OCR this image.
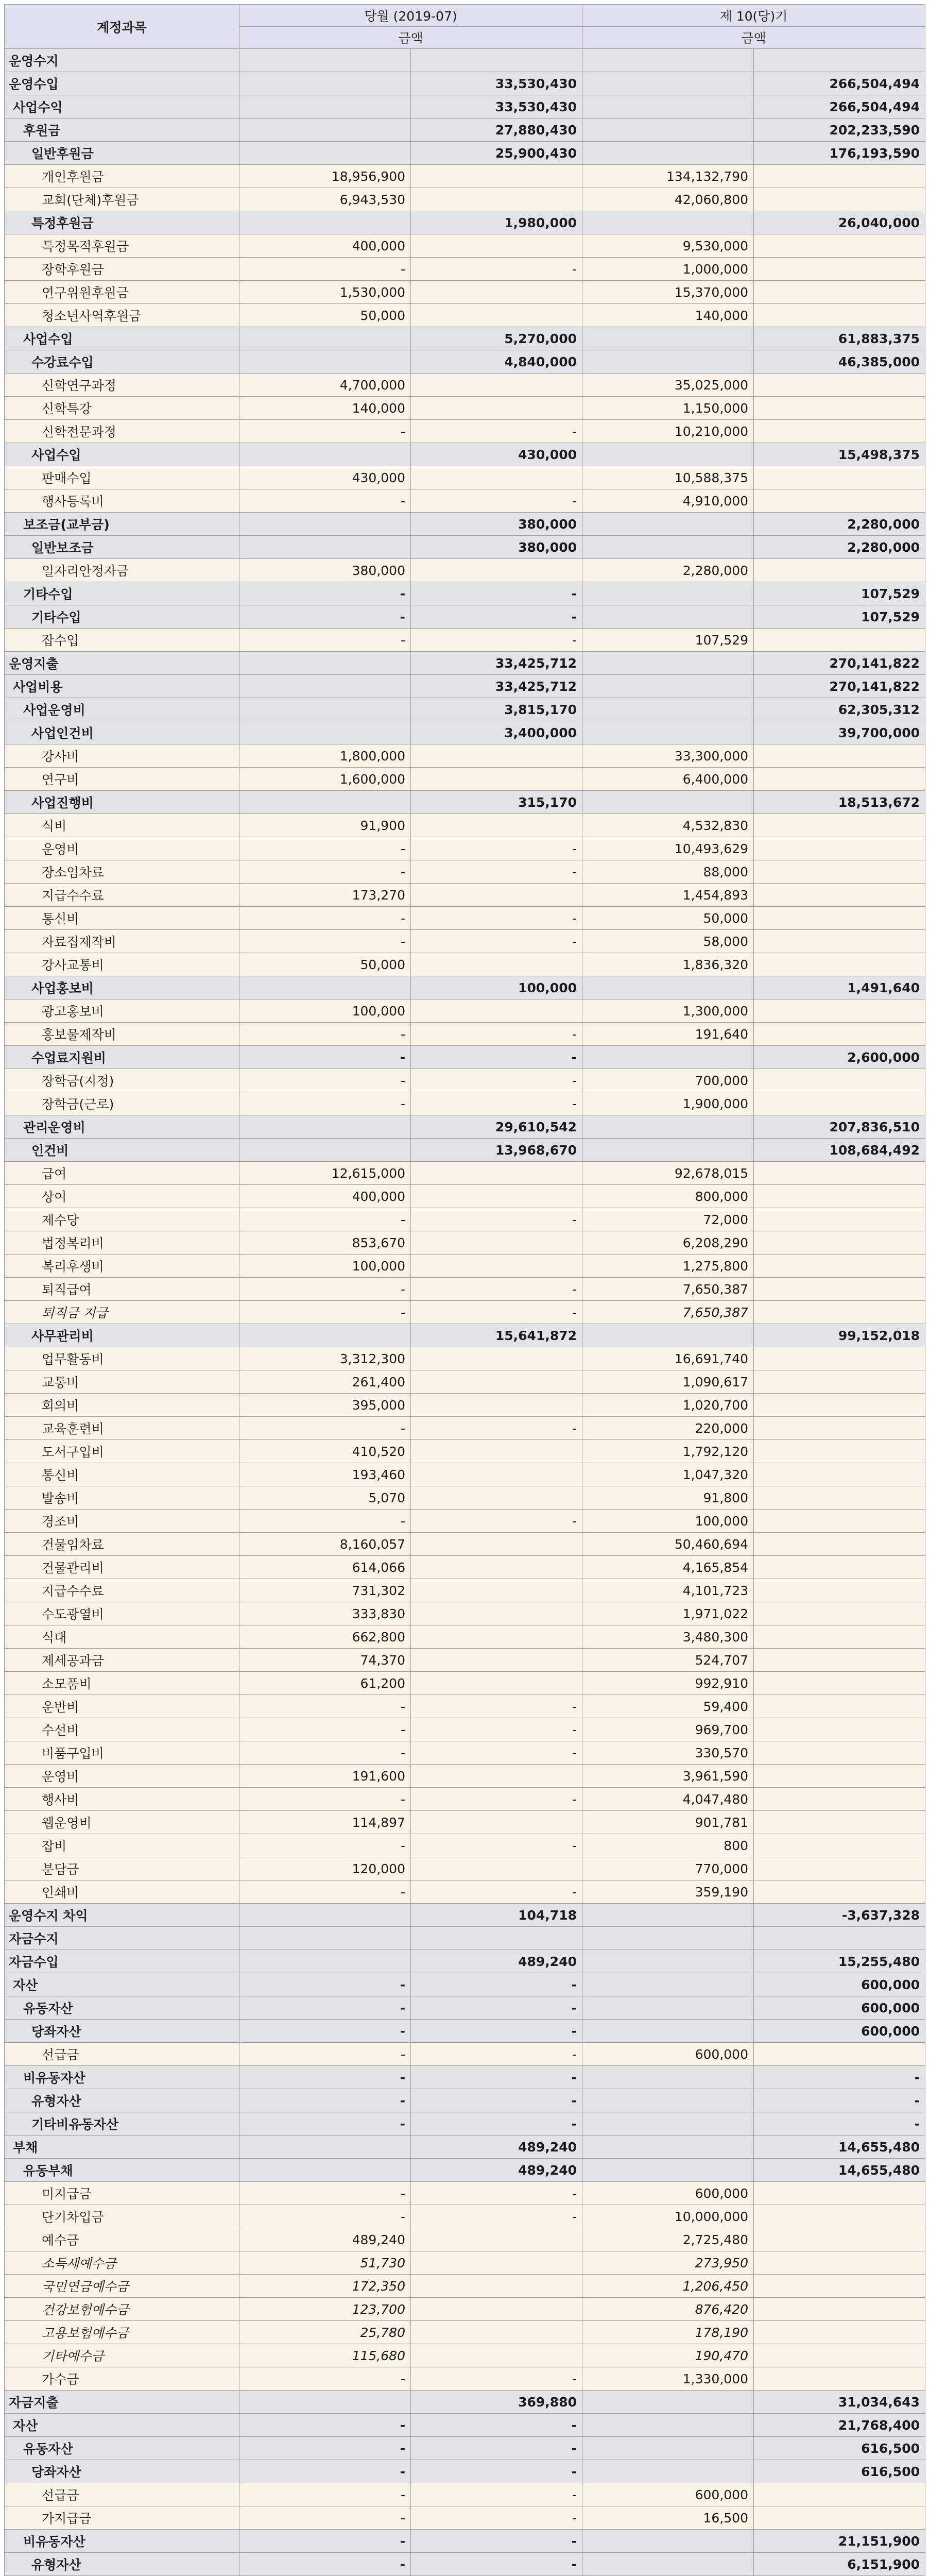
계정과목	당월 (2019-07)		제 10(당)기	
	금액		금액	
운영수지				
운영수입		33,530,430		266,504,494
사업수익		33,530,430		266,504,494
후원금		27,880,430		202,233,590
일반후원금		25,900,430		176,193,590
개인후원금	18,956,900		134,132,790	
교회(단체)후원금	6,943,530		42,060,800	
특정후원금		1,980,000		26,040,000
특정목적후원금	400,000		9,530,000	
장학후원금	-	-	1,000,000	
연구위원후원금	1,530,000		15,370,000	
청소년사역후원금	50,000		140,000	
사업수입		5,270,000		61,883,375
수강료수입		4,840,000		46,385,000
신학연구과정	4,700,000		35,025,000	
신학특강	140,000		1,150,000	
신학전문과정	-	-	10,210,000	
사업수입		430,000		15,498,375
판매수입	430,000		10,588,375	
행사등록비	-	-	4,910,000	
보조금(교부금)		380,000		2,280,000
일반보조금		380,000		2,280,000
일자리안정자금	380,000		2,280,000	
기타수입	-	-		107,529
기타수입	-	-		107,529
잡수입	-	-	107,529	
운영지출		33,425,712		270,141,822
사업비용		33,425,712		270,141,822
사업운영비		3,815,170		62,305,312
사업인건비		3,400,000		39,700,000
강사비	1,800,000		33,300,000	
연구비	1,600,000		6,400,000	
사업진행비		315,170		18,513,672
식비	91,900		4,532,830	
운영비	-	-	10,493,629	
장소임차료	-	-	88,000	
지급수수료	173,270		1,454,893	
통신비	-	-	50,000	
자료집제작비	-	-	58,000	
강사교통비	50,000		1,836,320	
사업홍보비		100,000		1,491,640
광고홍보비	100,000		1,300,000	
홍보물제작비	-	-	191,640	
수업료지원비	-	-		2,600,000
장학금(지정)	-	-	700,000	
장학금(근로)	-	-	1,900,000	
관리운영비		29,610,542		207,836,510
인건비		13,968,670		108,684,492
급여	12,615,000		92,678,015	
상여	400,000		800,000	
제수당	-	-	72,000	
법정복리비	853,670		6,208,290	
복리후생비	100,000		1,275,800	
퇴직급여	-	-	7,650,387	
퇴직금 지급	-	-	7,650,387	
사무관리비		15,641,872		99,152,018
업무활동비	3,312,300		16,691,740	
교통비	261,400		1,090,617	
회의비	395,000		1,020,700	
교육훈련비	-	-	220,000	
도서구입비	410,520		1,792,120	
통신비	193,460		1,047,320	
발송비	5,070		91,800	
경조비	-	-	100,000	
건물임차료	8,160,057		50,460,694	
건물관리비	614,066		4,165,854	
지급수수료	731,302		4,101,723	
수도광열비	333,830		1,971,022	
식대	662,800		3,480,300	
제세공과금	74,370		524,707	
소모품비	61,200		992,910	
운반비	-	-	59,400	
수선비	-	-	969,700	
비품구입비	-	-	330,570	
운영비	191,600		3,961,590	
행사비	-	-	4,047,480	
웹운영비	114,897		901,781	
잡비	-	-	800	
분담금	120,000		770,000	
인쇄비	-	-	359,190	
운영수지 차익		104,718		-3,637,328
자금수지				
자금수입		489,240		15,255,480
자산	-	-		600,000
유동자산	-	-		600,000
당좌자산	-	-		600,000
선급금	-	-	600,000	
비유동자산	-	-		-
유형자산	-	-		-
기타비유동자산	-	-		-
부채		489,240		14,655,480
유동부채		489,240		14,655,480
미지급금	-	-	600,000	
단기차입금	-	-	10,000,000	
예수금	489,240		2,725,480	
소득세예수금	51,730		273,950	
국민연금예수금	172,350		1,206,450	
건강보험예수금	123,700		876,420	
고용보험예수금	25,780		178,190	
기타예수금	115,680		190,470	
가수금	-	-	1,330,000	
자금지출		369,880		31,034,643
자산	-	-		21,768,400
유동자산	-	-		616,500
당좌자산	-	-		616,500
선급금	-	-	600,000	
가지급금	-	-	16,500	
비유동자산	-	-		21,151,900
유형자산	-	-		6,151,900
